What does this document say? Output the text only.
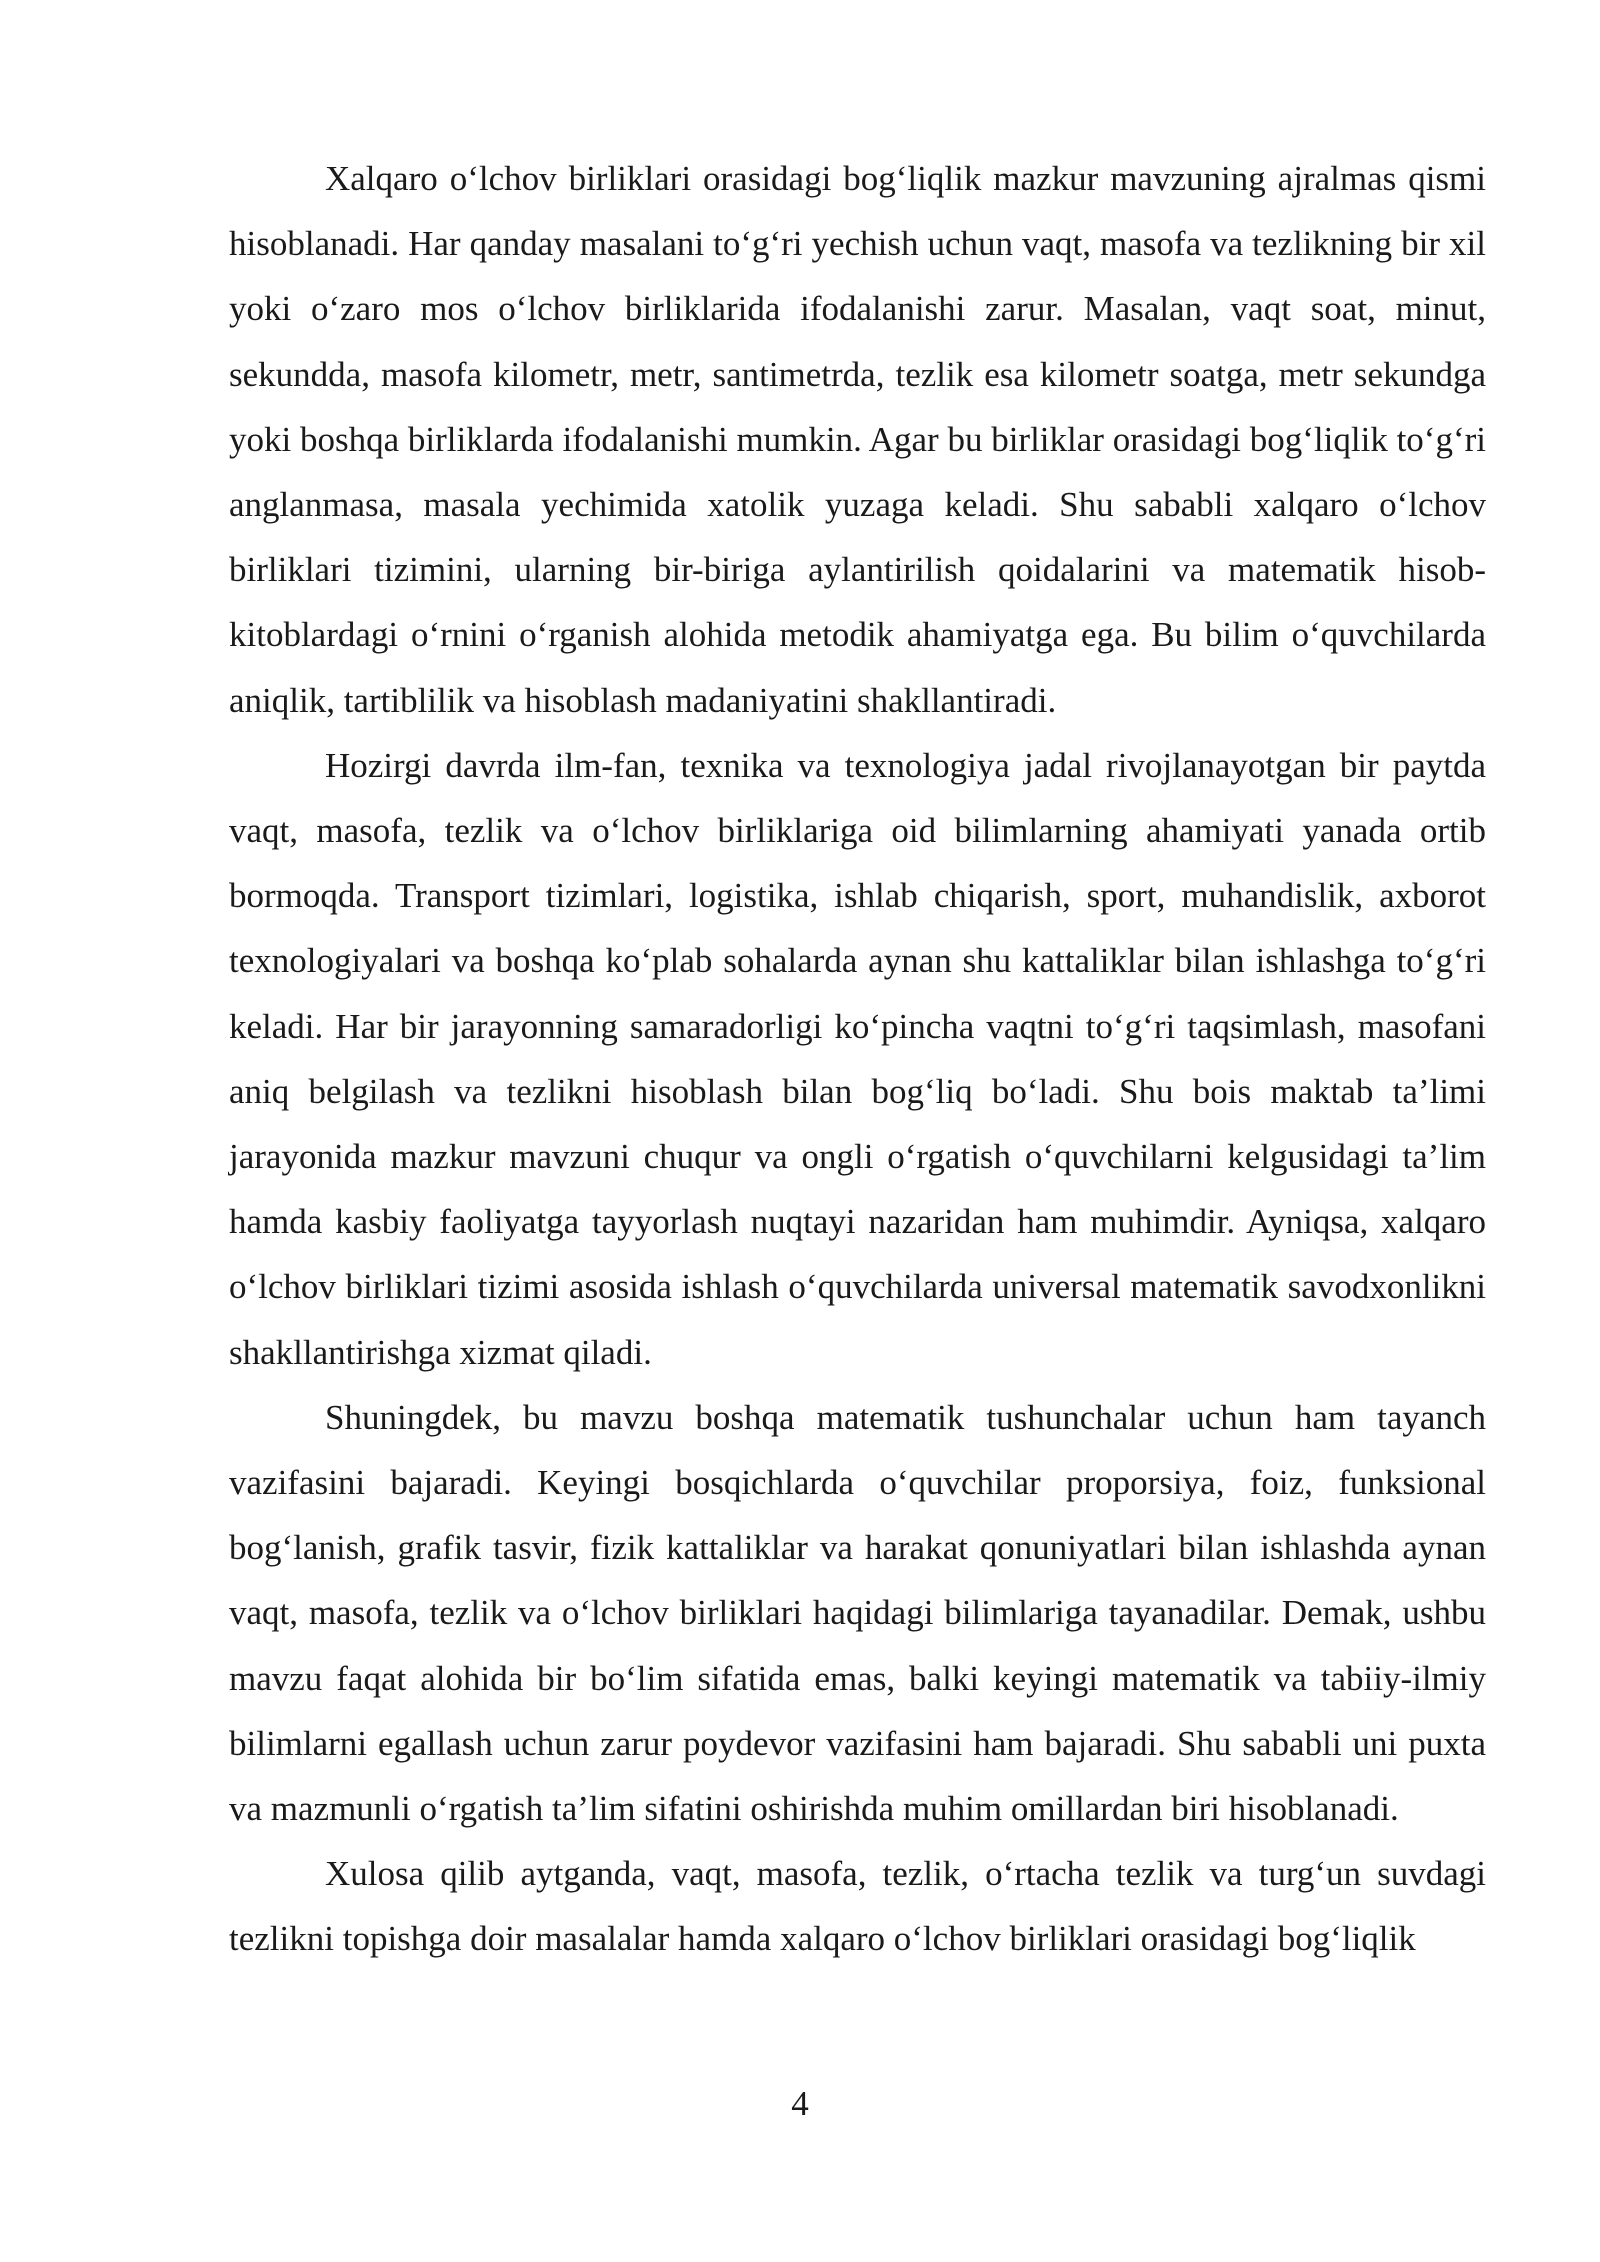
Xalqaro o‘lchov birliklari orasidagi bog‘liqlik mazkur mavzuning ajralmas qismi hisoblanadi. Har qanday masalani to‘g‘ri yechish uchun vaqt, masofa va tezlikning bir xil yoki o‘zaro mos o‘lchov birliklarida ifodalanishi zarur. Masalan, vaqt soat, minut, sekundda, masofa kilometr, metr, santimetrda, tezlik esa kilometr soatga, metr sekundga yoki boshqa birliklarda ifodalanishi mumkin. Agar bu birliklar orasidagi bog‘liqlik to‘g‘ri anglanmasa, masala yechimida xatolik yuzaga keladi. Shu sababli xalqaro o‘lchov birliklari tizimini, ularning bir-biriga aylantirilish qoidalarini va matematik hisob-kitoblardagi o‘rnini o‘rganish alohida metodik ahamiyatga ega. Bu bilim o‘quvchilarda aniqlik, tartiblilik va hisoblash madaniyatini shakllantiradi.

Hozirgi davrda ilm-fan, texnika va texnologiya jadal rivojlanayotgan bir paytda vaqt, masofa, tezlik va o‘lchov birliklariga oid bilimlarning ahamiyati yanada ortib bormoqda. Transport tizimlari, logistika, ishlab chiqarish, sport, muhandislik, axborot texnologiyalari va boshqa ko‘plab sohalarda aynan shu kattaliklar bilan ishlashga to‘g‘ri keladi. Har bir jarayonning samaradorligi ko‘pincha vaqtni to‘g‘ri taqsimlash, masofani aniq belgilash va tezlikni hisoblash bilan bog‘liq bo‘ladi. Shu bois maktab ta’limi jarayonida mazkur mavzuni chuqur va ongli o‘rgatish o‘quvchilarni kelgusidagi ta’lim hamda kasbiy faoliyatga tayyorlash nuqtayi nazaridan ham muhimdir. Ayniqsa, xalqaro o‘lchov birliklari tizimi asosida ishlash o‘quvchilarda universal matematik savodxonlikni shakllantirishga xizmat qiladi.

Shuningdek, bu mavzu boshqa matematik tushunchalar uchun ham tayanch vazifasini bajaradi. Keyingi bosqichlarda o‘quvchilar proporsiya, foiz, funksional bog‘lanish, grafik tasvir, fizik kattaliklar va harakat qonuniyatlari bilan ishlashda aynan vaqt, masofa, tezlik va o‘lchov birliklari haqidagi bilimlariga tayanadilar. Demak, ushbu mavzu faqat alohida bir bo‘lim sifatida emas, balki keyingi matematik va tabiiy-ilmiy bilimlarni egallash uchun zarur poydevor vazifasini ham bajaradi. Shu sababli uni puxta va mazmunli o‘rgatish ta’lim sifatini oshirishda muhim omillardan biri hisoblanadi.

Xulosa qilib aytganda, vaqt, masofa, tezlik, o‘rtacha tezlik va turg‘un suvdagi tezlikni topishga doir masalalar hamda xalqaro o‘lchov birliklari orasidagi bog‘liqlik

4
